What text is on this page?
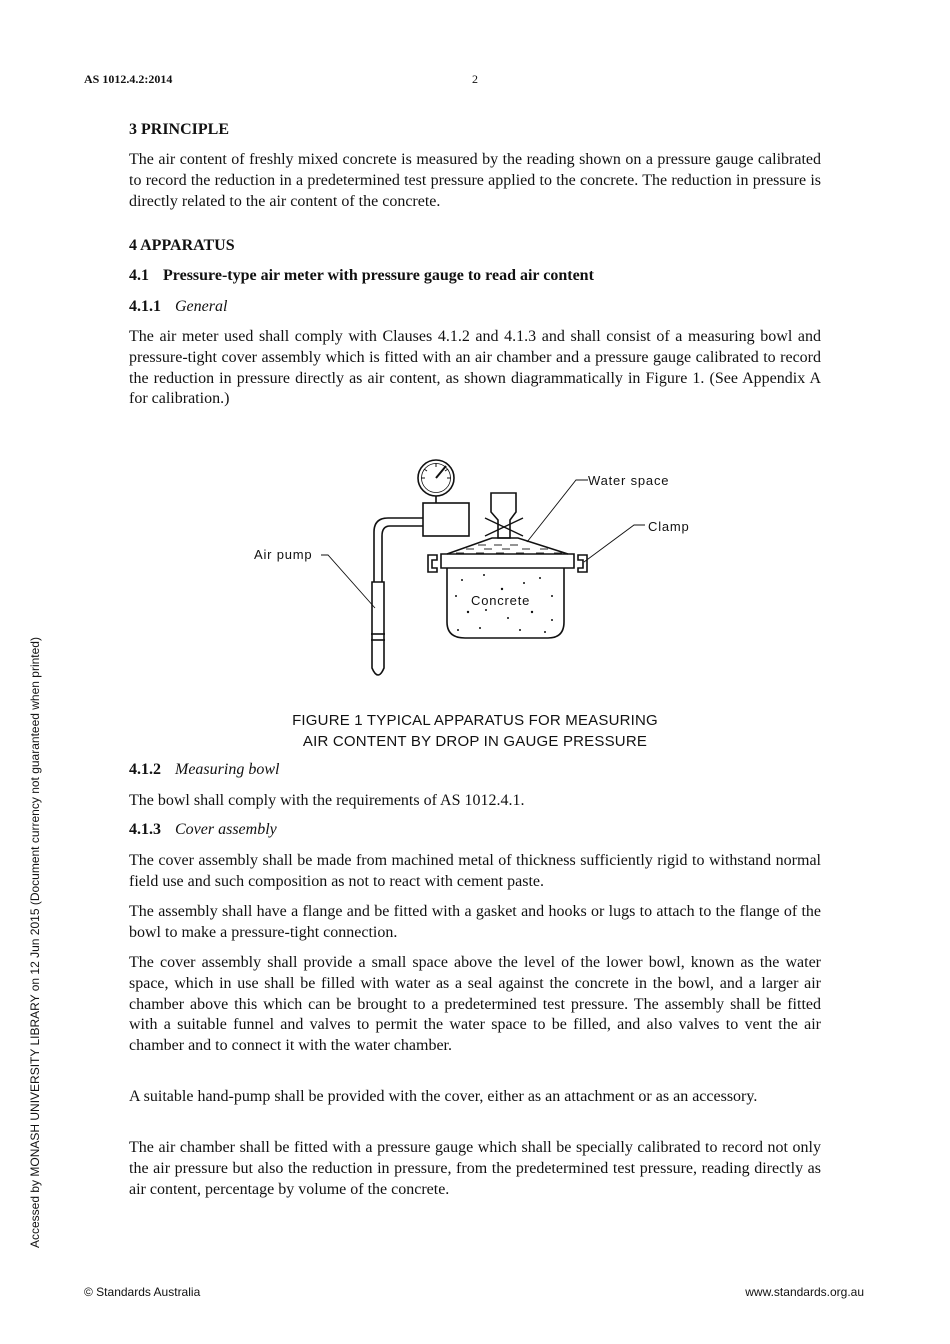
AS 1012.4.2:2014	2
3 PRINCIPLE

The air content of freshly mixed concrete is measured by the reading shown on a pressure gauge calibrated to record the reduction in a predetermined test pressure applied to the concrete. The reduction in pressure is directly related to the air content of the concrete.

4 APPARATUS
4.1 Pressure-type air meter with pressure gauge to read air content
4.1.1 General

The air meter used shall comply with Clauses 4.1.2 and 4.1.3 and shall consist of a measuring bowl and pressure-tight cover assembly which is fitted with an air chamber and a pressure gauge calibrated to record the reduction in pressure directly as air content, as shown diagrammatically in Figure 1. (See Appendix A for calibration.)

Water space
Clamp
Air pump
Concrete
FIGURE 1 TYPICAL APPARATUS FOR MEASURING
AIR CONTENT BY DROP IN GAUGE PRESSURE
4.1.2 Measuring bowl

The bowl shall comply with the requirements of AS 1012.4.1.

4.1.3 Cover assembly

The cover assembly shall be made from machined metal of thickness sufficiently rigid to withstand normal field use and such composition as not to react with cement paste.

The assembly shall have a flange and be fitted with a gasket and hooks or lugs to attach to the flange of the bowl to make a pressure-tight connection.

The cover assembly shall provide a small space above the level of the lower bowl, known as the water space, which in use shall be filled with water as a seal against the concrete in the bowl, and a larger air chamber above this which can be brought to a predetermined test pressure. The assembly shall be fitted with a suitable funnel and valves to permit the water space to be filled, and also valves to vent the air chamber and to connect it with the water chamber.

A suitable hand-pump shall be provided with the cover, either as an attachment or as an accessory.

The air chamber shall be fitted with a pressure gauge which shall be specially calibrated to record not only the air pressure but also the reduction in pressure, from the predetermined test pressure, reading directly as air content, percentage by volume of the concrete.

Accessed by MONASH UNIVERSITY LIBRARY on 12 Jun 2015 (Document currency not guaranteed when printed)
© Standards Australia	www.standards.org.au
